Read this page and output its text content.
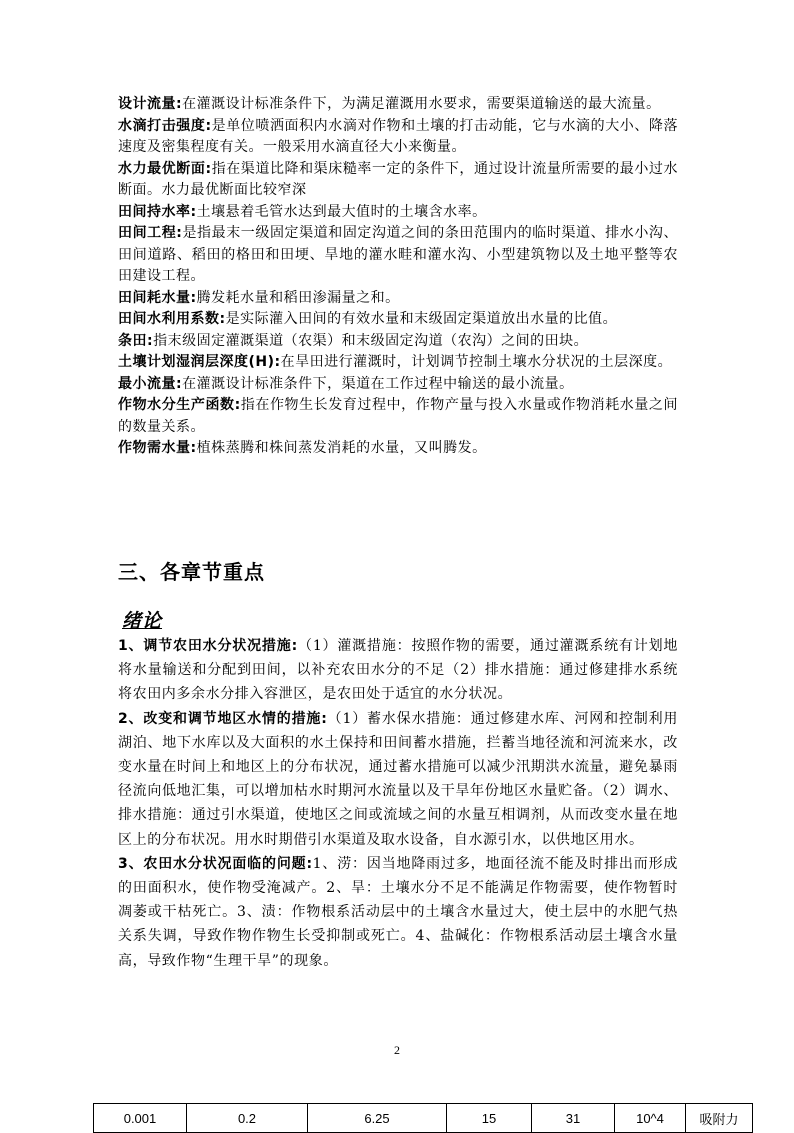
设计流量:在灌溉设计标准条件下，为满足灌溉用水要求，需要渠道输送的最大流量。

水滴打击强度:是单位喷洒面积内水滴对作物和土壤的打击动能，它与水滴的大小、降落速度及密集程度有关。一般采用水滴直径大小来衡量。

水力最优断面:指在渠道比降和渠床糙率一定的条件下，通过设计流量所需要的最小过水断面。水力最优断面比较窄深

田间持水率:土壤悬着毛管水达到最大值时的土壤含水率。

田间工程:是指最末一级固定渠道和固定沟道之间的条田范围内的临时渠道、排水小沟、田间道路、稻田的格田和田埂、旱地的灌水畦和灌水沟、小型建筑物以及土地平整等农田建设工程。

田间耗水量:腾发耗水量和稻田渗漏量之和。

田间水利用系数:是实际灌入田间的有效水量和末级固定渠道放出水量的比值。

条田:指末级固定灌溉渠道（农渠）和末级固定沟道（农沟）之间的田块。

土壤计划湿润层深度(H):在旱田进行灌溉时，计划调节控制土壤水分状况的土层深度。

最小流量:在灌溉设计标准条件下，渠道在工作过程中输送的最小流量。

作物水分生产函数:指在作物生长发育过程中，作物产量与投入水量或作物消耗水量之间的数量关系。

作物需水量:植株蒸腾和株间蒸发消耗的水量，又叫腾发。

三、各章节重点
绪论

1、调节农田水分状况措施:（1）灌溉措施：按照作物的需要，通过灌溉系统有计划地将水量输送和分配到田间，以补充农田水分的不足（2）排水措施：通过修建排水系统将农田内多余水分排入容泄区，是农田处于适宜的水分状况。

2、改变和调节地区水情的措施:（1）蓄水保水措施：通过修建水库、河网和控制利用湖泊、地下水库以及大面积的水土保持和田间蓄水措施，拦蓄当地径流和河流来水，改变水量在时间上和地区上的分布状况，通过蓄水措施可以减少汛期洪水流量，避免暴雨径流向低地汇集，可以增加枯水时期河水流量以及干旱年份地区水量贮备。（2）调水、排水措施：通过引水渠道，使地区之间或流域之间的水量互相调剂，从而改变水量在地区上的分布状况。用水时期借引水渠道及取水设备，自水源引水，以供地区用水。

3、农田水分状况面临的问题:1、涝：因当地降雨过多，地面径流不能及时排出而形成的田面积水，使作物受淹减产。2、旱：土壤水分不足不能满足作物需要，使作物暂时凋萎或干枯死亡。3、渍：作物根系活动层中的土壤含水量过大，使土层中的水肥气热关系失调，导致作物作物生长受抑制或死亡。4、盐碱化：作物根系活动层土壤含水量高，导致作物“生理干旱”的现象。

2
0.001	0.2	6.25	15	31	10^4	吸附力
